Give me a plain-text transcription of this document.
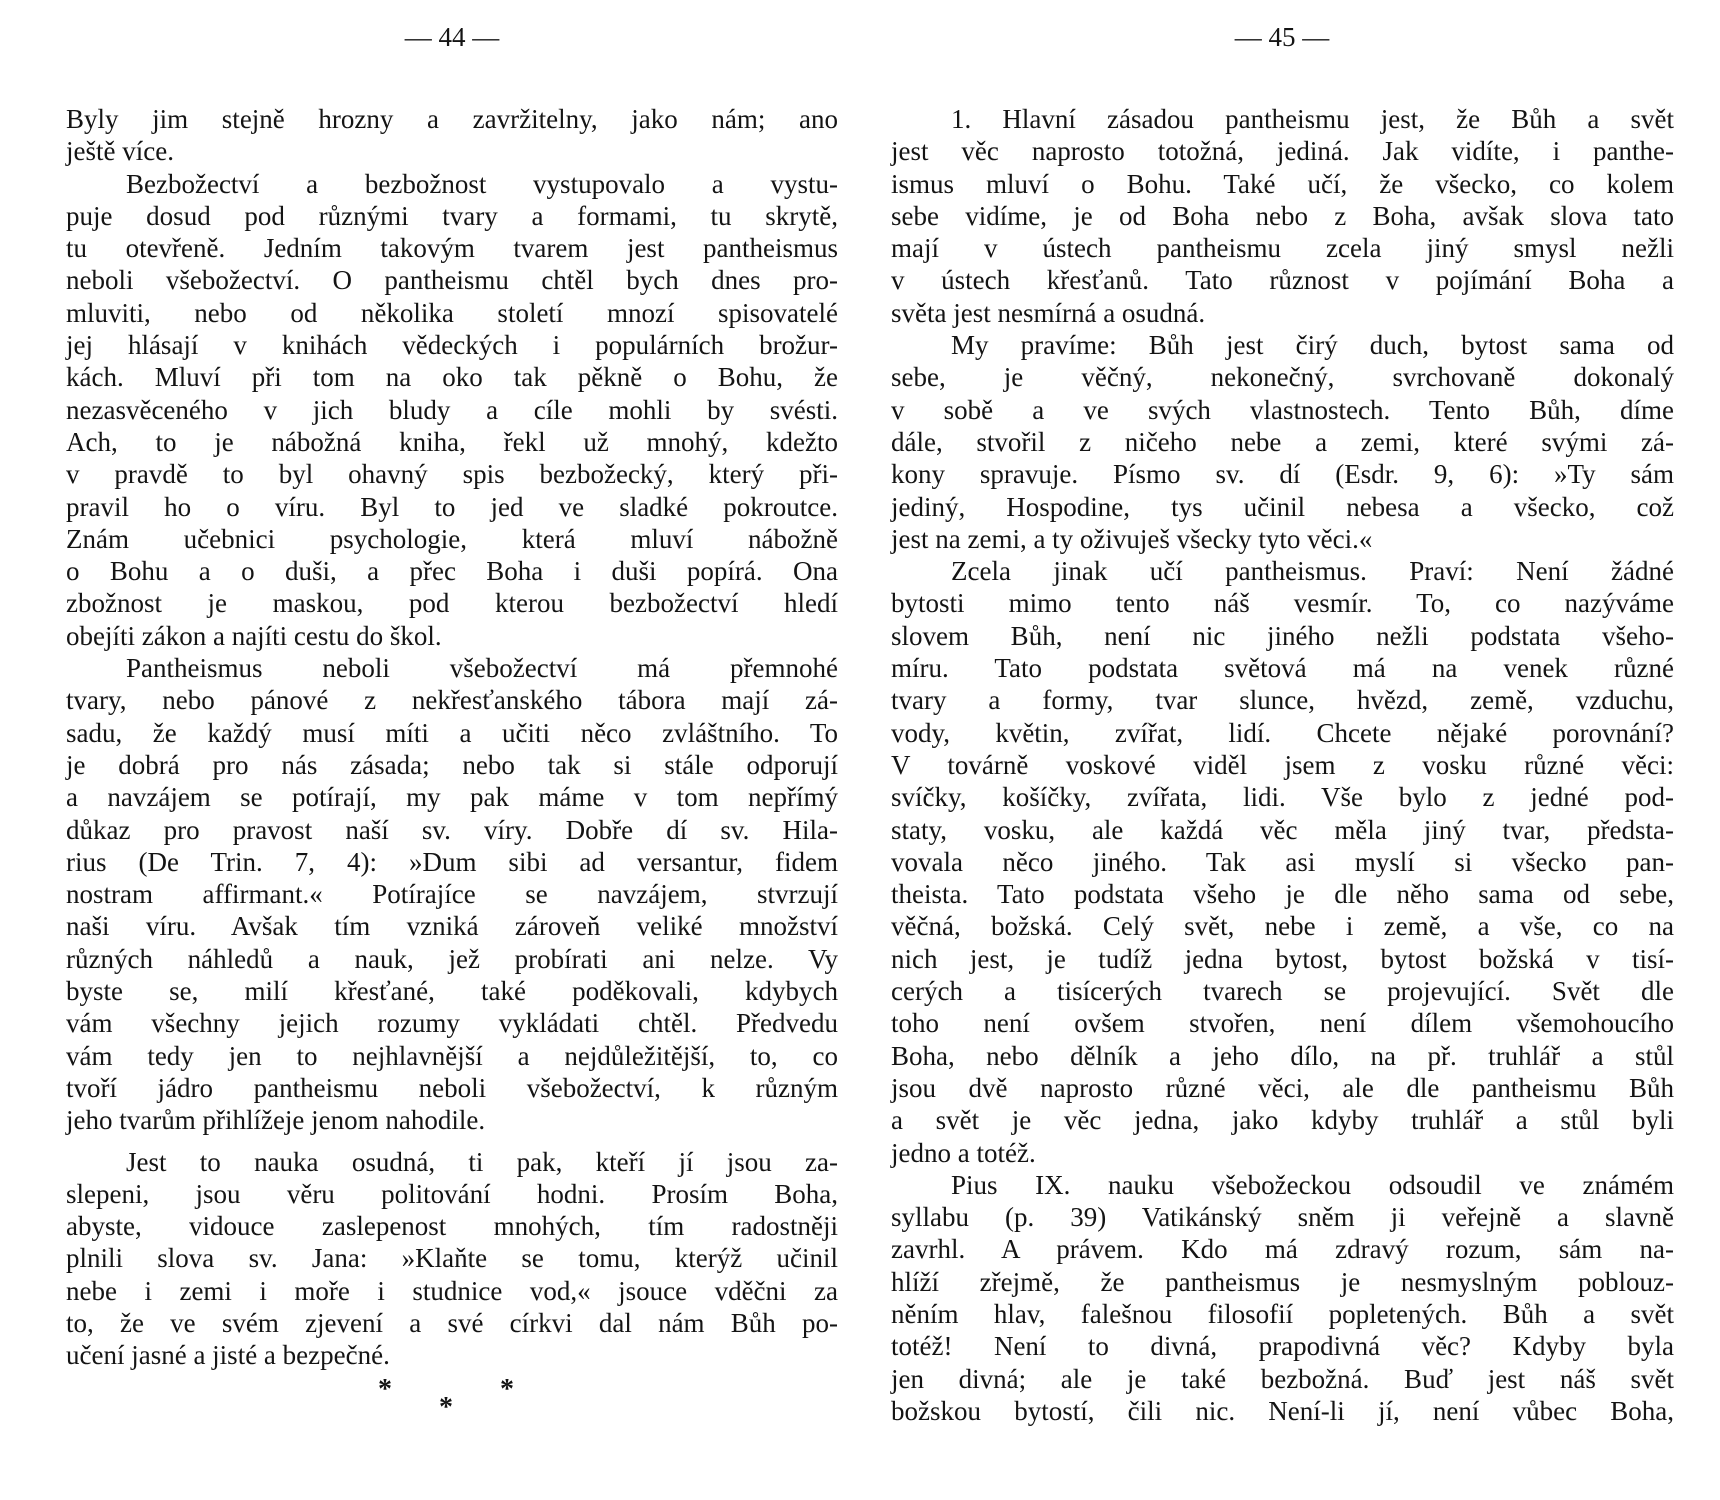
— 44 —	— 45 —
Byly jim stejně hrozny a zavržitelny, jako nám; ano
ještě více.
Bezbožectví a bezbožnost vystupovalo a vystu-
puje dosud pod různými tvary a formami, tu skrytě,
tu otevřeně. Jedním takovým tvarem jest pantheismus
neboli všebožectví. O pantheismu chtěl bych dnes pro-
mluviti, nebo od několika století mnozí spisovatelé
jej hlásají v knihách vědeckých i populárních brožur-
kách. Mluví při tom na oko tak pěkně o Bohu, že
nezasvěceného v jich bludy a cíle mohli by svésti.
Ach, to je nábožná kniha, řekl už mnohý, kdežto
v pravdě to byl ohavný spis bezbožecký, který při-
pravil ho o víru. Byl to jed ve sladké pokroutce.
Znám učebnici psychologie, která mluví nábožně
o Bohu a o duši, a přec Boha i duši popírá. Ona
zbožnost je maskou, pod kterou bezbožectví hledí
obejíti zákon a najíti cestu do škol.
Pantheismus neboli všebožectví má přemnohé
tvary, nebo pánové z nekřesťanského tábora mají zá-
sadu, že každý musí míti a učiti něco zvláštního. To
je dobrá pro nás zásada; nebo tak si stále odporují
a navzájem se potírají, my pak máme v tom nepřímý
důkaz pro pravost naší sv. víry. Dobře dí sv. Hila-
rius (De Trin. 7, 4): »Dum sibi ad versantur, fidem
nostram affirmant.« Potírajíce se navzájem, stvrzují
naši víru. Avšak tím vzniká zároveň veliké množství
různých náhledů a nauk, jež probírati ani nelze. Vy
byste se, milí křesťané, také poděkovali, kdybych
vám všechny jejich rozumy vykládati chtěl. Předvedu
vám tedy jen to nejhlavnější a nejdůležitější, to, co
tvoří jádro pantheismu neboli všebožectví, k různým
jeho tvarům přihlížeje jenom nahodile.
Jest to nauka osudná, ti pak, kteří jí jsou za-
slepeni, jsou věru politování hodni. Prosím Boha,
abyste, vidouce zaslepenost mnohých, tím radostněji
plnili slova sv. Jana: »Klaňte se tomu, kterýž učinil
nebe i zemi i moře i studnice vod,« jsouce vděčni za
to, že ve svém zjevení a své církvi dal nám Bůh po-
učení jasné a jisté a bezpečné.
1. Hlavní zásadou pantheismu jest, že Bůh a svět
jest věc naprosto totožná, jediná. Jak vidíte, i panthe-
ismus mluví o Bohu. Také učí, že všecko, co kolem
sebe vidíme, je od Boha nebo z Boha, avšak slova tato
mají v ústech pantheismu zcela jiný smysl nežli
v ústech křesťanů. Tato různost v pojímání Boha a
světa jest nesmírná a osudná.
My pravíme: Bůh jest čirý duch, bytost sama od
sebe, je věčný, nekonečný, svrchovaně dokonalý
v sobě a ve svých vlastnostech. Tento Bůh, díme
dále, stvořil z ničeho nebe a zemi, které svými zá-
kony spravuje. Písmo sv. dí (Esdr. 9, 6): »Ty sám
jediný, Hospodine, tys učinil nebesa a všecko, což
jest na zemi, a ty oživuješ všecky tyto věci.«
Zcela jinak učí pantheismus. Praví: Není žádné
bytosti mimo tento náš vesmír. To, co nazýváme
slovem Bůh, není nic jiného nežli podstata všeho-
míru. Tato podstata světová má na venek různé
tvary a formy, tvar slunce, hvězd, země, vzduchu,
vody, květin, zvířat, lidí. Chcete nějaké porovnání?
V továrně voskové viděl jsem z vosku různé věci:
svíčky, košíčky, zvířata, lidi. Vše bylo z jedné pod-
staty, vosku, ale každá věc měla jiný tvar, předsta-
vovala něco jiného. Tak asi myslí si všecko pan-
theista. Tato podstata všeho je dle něho sama od sebe,
věčná, božská. Celý svět, nebe i země, a vše, co na
nich jest, je tudíž jedna bytost, bytost božská v tisí-
cerých a tisícerých tvarech se projevující. Svět dle
toho není ovšem stvořen, není dílem všemohoucího
Boha, nebo dělník a jeho dílo, na př. truhlář a stůl
jsou dvě naprosto různé věci, ale dle pantheismu Bůh
a svět je věc jedna, jako kdyby truhlář a stůl byli
jedno a totéž.
Pius IX. nauku všebožeckou odsoudil ve známém
syllabu (p. 39) Vatikánský sněm ji veřejně a slavně
zavrhl. A právem. Kdo má zdravý rozum, sám na-
hlíží zřejmě, že pantheismus je nesmyslným poblouz-
něním hlav, falešnou filosofií popletených. Bůh a svět
totéž! Není to divná, prapodivná věc? Kdyby byla
jen divná; ale je také bezbožná. Buď jest náš svět
božskou bytostí, čili nic. Není-li jí, není vůbec Boha,
*
*
*
